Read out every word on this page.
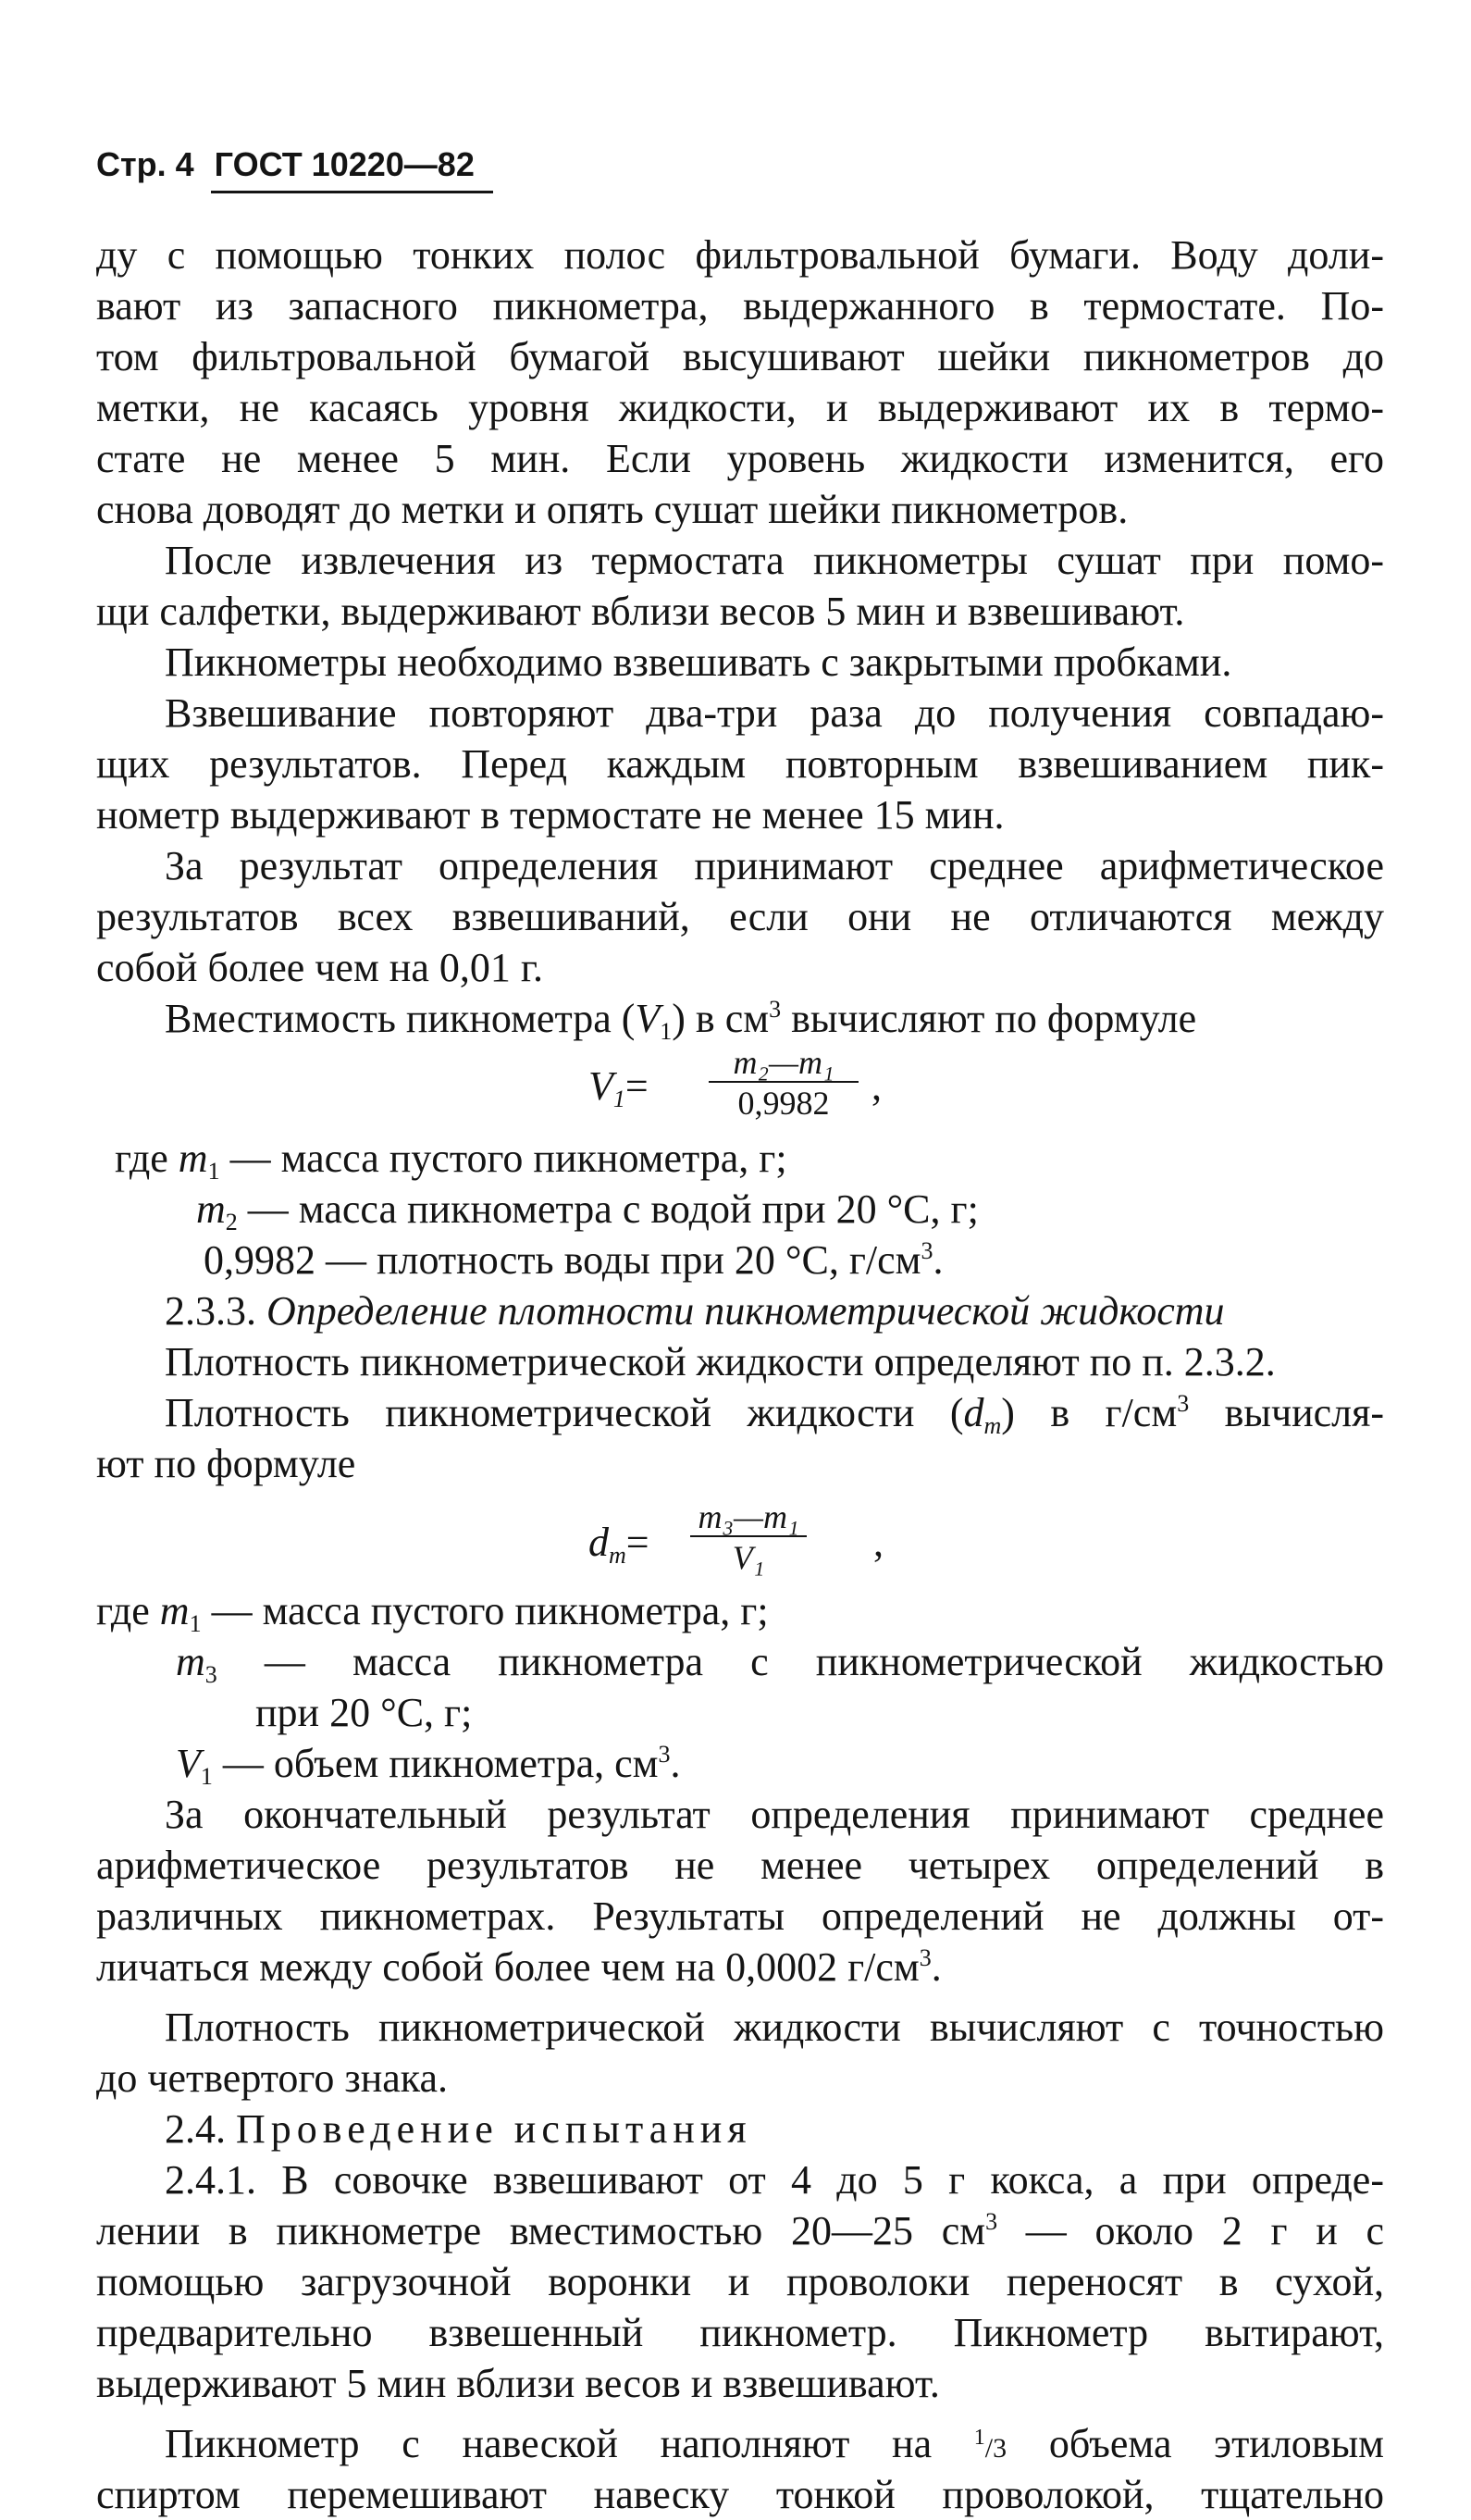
Стр. 4 ГОСТ 10220—82
ду с помощью тонких полос фильтровальной бумаги. Воду доли-
вают из запасного пикнометра, выдержанного в термостате. По-
том фильтровальной бумагой высушивают шейки пикнометров до
метки, не касаясь уровня жидкости, и выдерживают их в термо-
стате не менее 5 мин. Если уровень жидкости изменится, его
снова доводят до метки и опять сушат шейки пикнометров.
После извлечения из термостата пикнометры сушат при помо-
щи салфетки, выдерживают вблизи весов 5 мин и взвешивают.
Пикнометры необходимо взвешивать с закрытыми пробками.
Взвешивание повторяют два-три раза до получения совпадаю-
щих результатов. Перед каждым повторным взвешиванием пик-
нометр выдерживают в термостате не менее 15 мин.
За результат определения принимают среднее арифметическое
результатов всех взвешиваний, если они не отличаются между
собой более чем на 0,01 г.
Вместимость пикнометра $(V_1)$ в $см^3$ вычисляют по формуле
$V_1= \frac{\text{m₂—m₁}}{0,9982}$ ,
где $m_1$ — масса пустого пикнометра, г;
$m_2$ — масса пикнометра с водой при 20 °C, г;
0,9982 — плотность воды при 20 °C, $г/см^3$.
2.3.3. Определение плотности пикнометрической жидкости
Плотность пикнометрической жидкости определяют по п. 2.3.2.
Плотность пикнометрической жидкости $(d_m)$ в $г/см^3$ вычисля-
ют по формуле
$d_m= \frac{\text{m₃—m₁}}{\text{V₁}}$ ,
где $m_1$ — масса пустого пикнометра, г;
$m_3$ — масса пикнометра с пикнометрической жидкостью
при 20 °C, г;
$V_1$ — объем пикнометра, $см^3$.
За окончательный результат определения принимают среднее
арифметическое результатов не менее четырех определений в
различных пикнометрах. Результаты определений не должны от-
личаться между собой более чем на 0,0002 $г/см^3$.
Плотность пикнометрической жидкости вычисляют с точностью
до четвертого знака.
2.4. Проведение испытания
2.4.1. В совочке взвешивают от 4 до 5 г кокса, а при опреде-
лении в пикнометре вместимостью 20—25 $см^3$ — около 2 г и с
помощью загрузочной воронки и проволоки переносят в сухой,
предварительно взвешенный пикнометр. Пикнометр вытирают,
выдерживают 5 мин вблизи весов и взвешивают.
Пикнометр с навеской наполняют на $^1$/3 объема этиловым
спиртом перемешивают навеску тонкой проволокой, тщательно
